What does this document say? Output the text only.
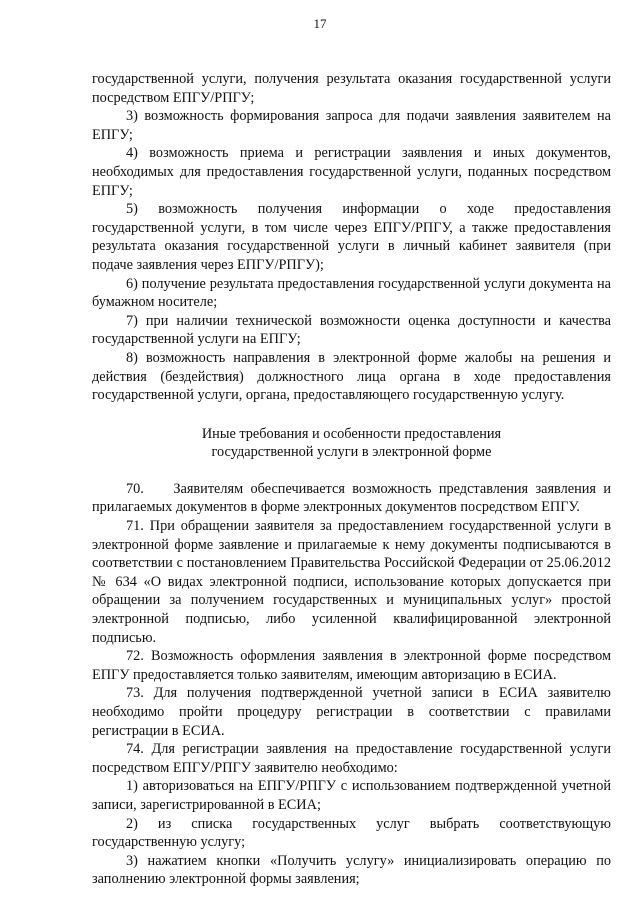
17

государственной услуги, получения результата оказания государственной услуги посредством ЕПГУ/РПГУ;

3) возможность формирования запроса для подачи заявления заявителем на ЕПГУ;

4) возможность приема и регистрации заявления и иных документов, необходимых для предоставления государственной услуги, поданных посредством ЕПГУ;

5) возможность получения информации о ходе предоставления государственной услуги, в том числе через ЕПГУ/РПГУ, а также предоставления результата оказания государственной услуги в личный кабинет заявителя (при подаче заявления через ЕПГУ/РПГУ);

6) получение результата предоставления государственной услуги документа на бумажном носителе;

7) при наличии технической возможности оценка доступности и качества государственной услуги на ЕПГУ;

8) возможность направления в электронной форме жалобы на решения и действия (бездействия) должностного лица органа в ходе предоставления государственной услуги, органа, предоставляющего государственную услугу.

Иные требования и особенности предоставления
государственной услуги в электронной форме

70.    Заявителям обеспечивается возможность представления заявления и прилагаемых документов в форме электронных документов посредством ЕПГУ.

71. При обращении заявителя за предоставлением государственной услуги в электронной форме заявление и прилагаемые к нему документы подписываются в соответствии с постановлением Правительства Российской Федерации от 25.06.2012 № 634 «О видах электронной подписи, использование которых допускается при обращении за получением государственных и муниципальных услуг» простой электронной подписью, либо усиленной квалифицированной электронной подписью.

72. Возможность оформления заявления в электронной форме посредством ЕПГУ предоставляется только заявителям, имеющим авторизацию в ЕСИА.

73. Для получения подтвержденной учетной записи в ЕСИА заявителю необходимо пройти процедуру регистрации в соответствии с правилами регистрации в ЕСИА.

74. Для регистрации заявления на предоставление государственной услуги посредством ЕПГУ/РПГУ заявителю необходимо:

1) авторизоваться на ЕПГУ/РПГУ с использованием подтвержденной учетной записи, зарегистрированной в ЕСИА;

2) из списка государственных услуг выбрать соответствующую государственную услугу;

3) нажатием кнопки «Получить услугу» инициализировать операцию по заполнению электронной формы заявления;
